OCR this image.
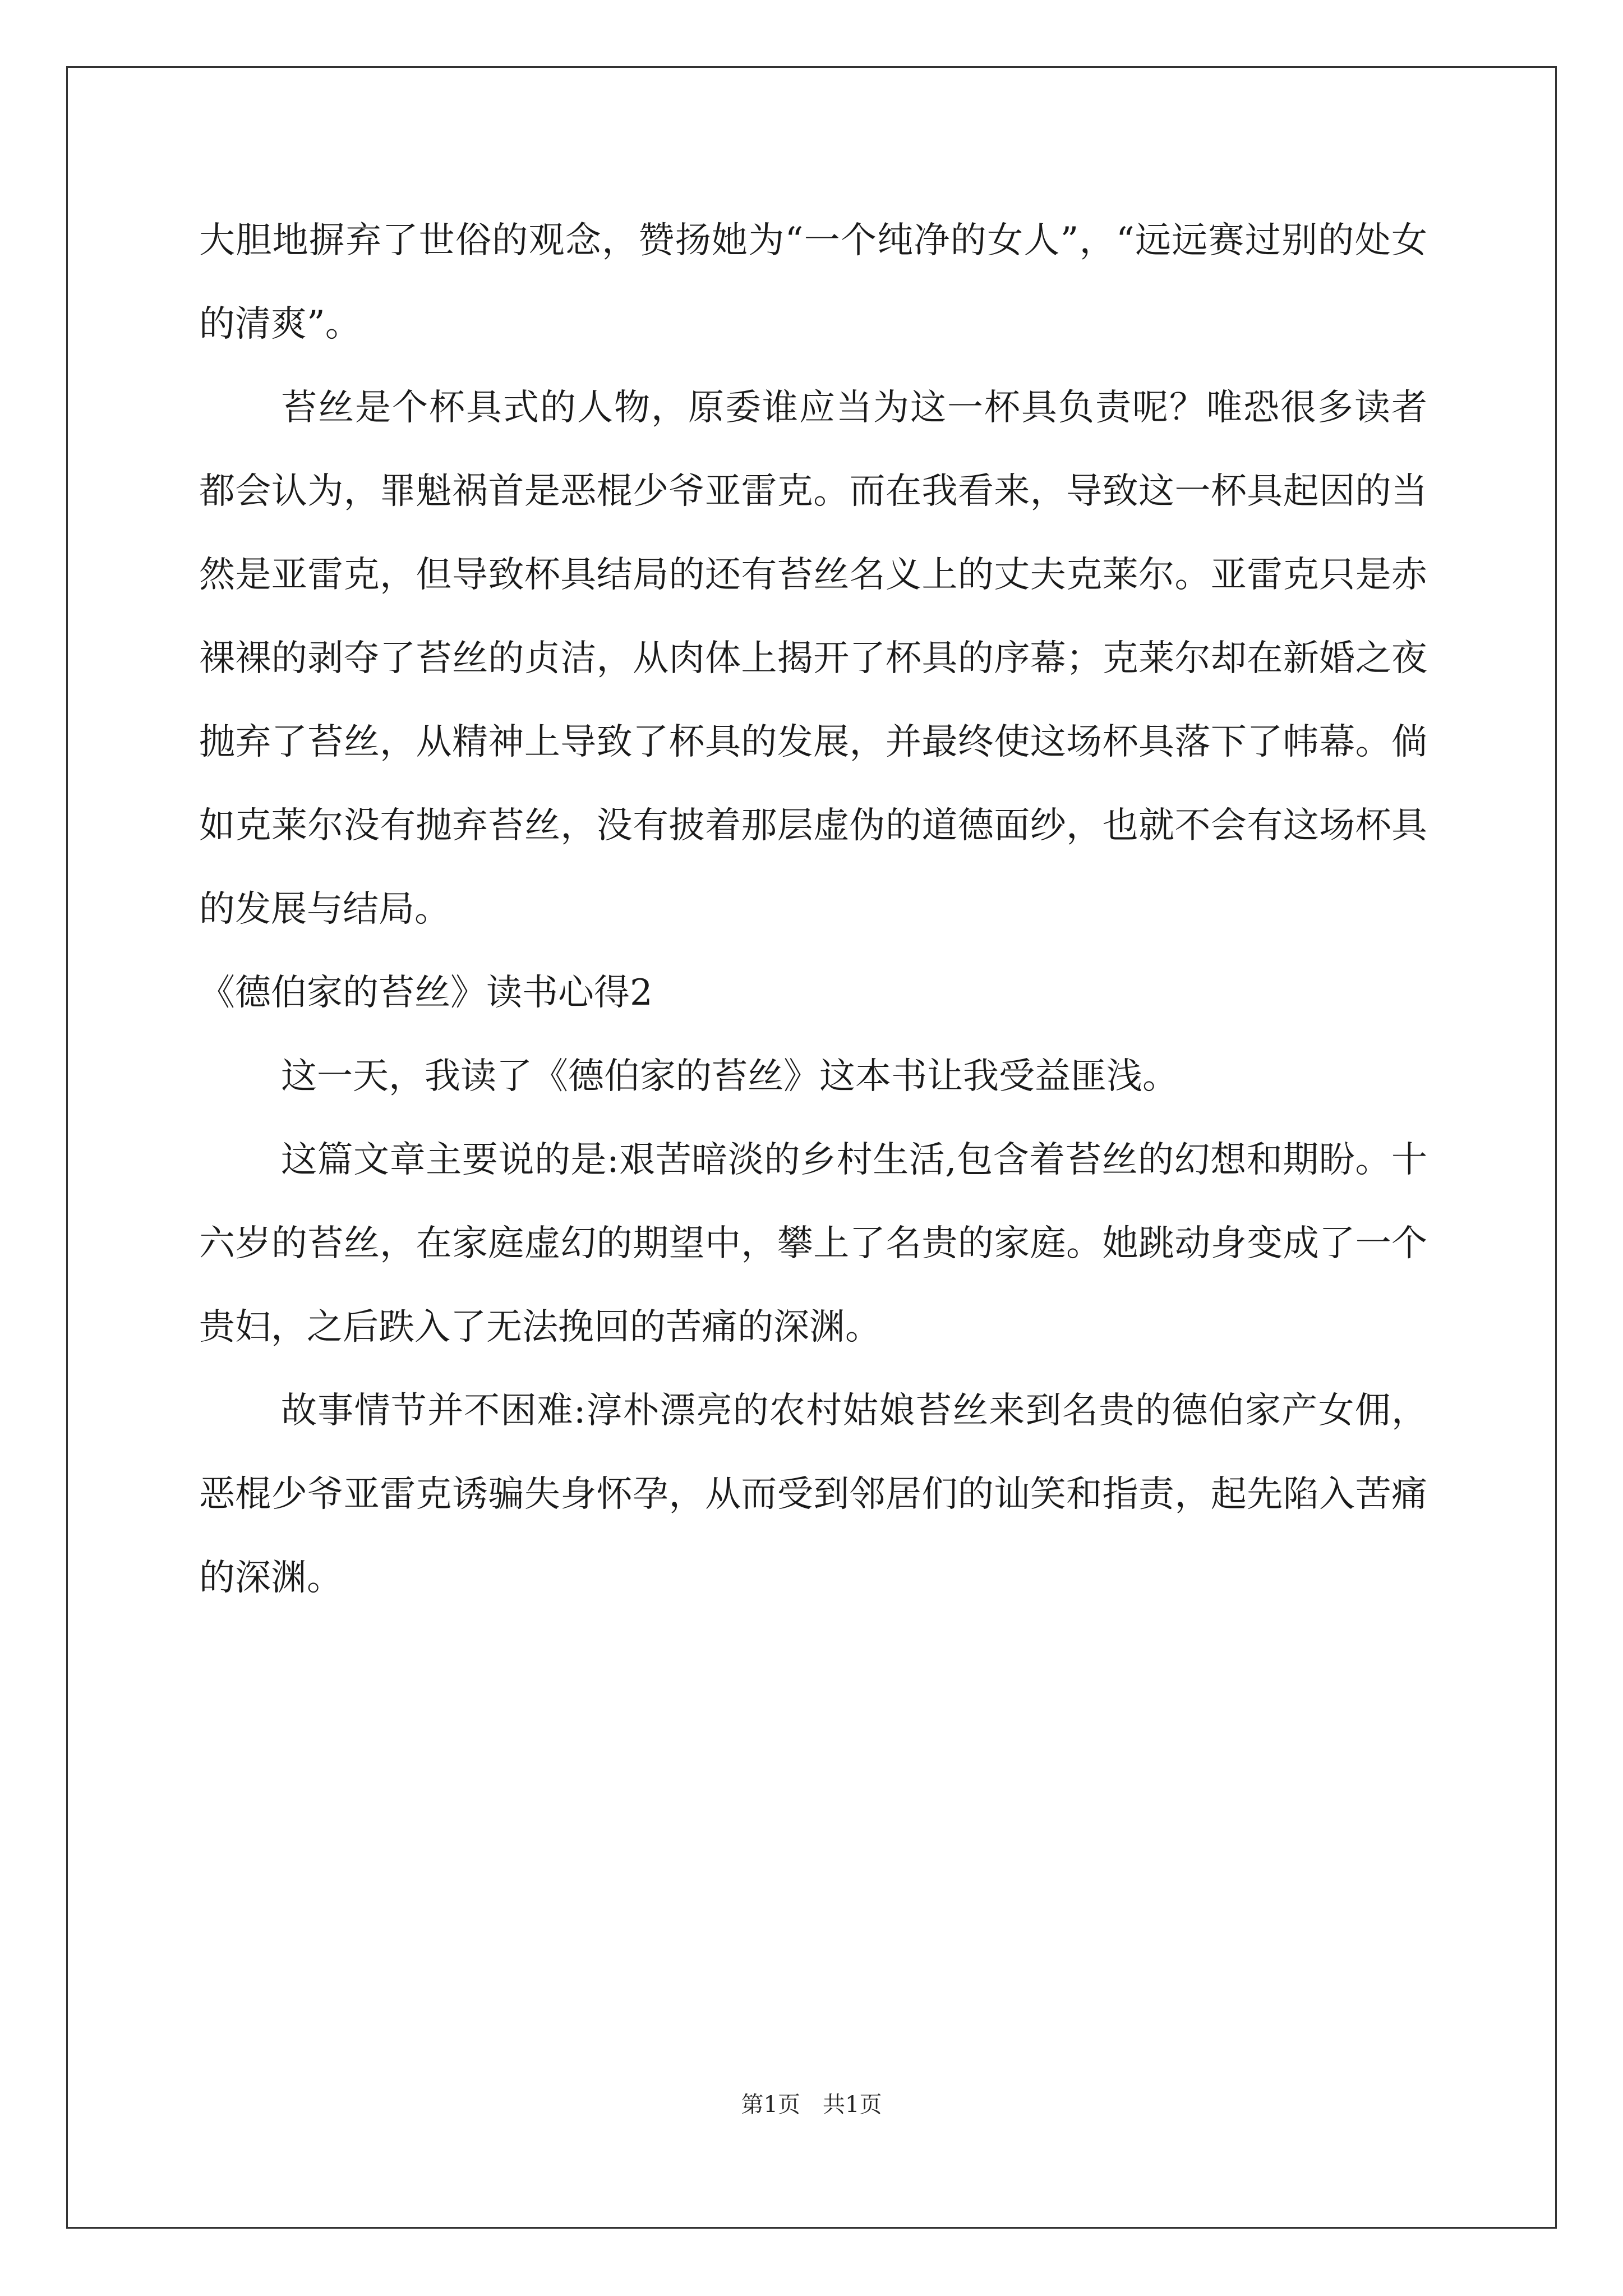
大胆地摒弃了世俗的观念，赞扬她为“一个纯净的女人”，“远远赛过别的处女的清爽”。

苔丝是个杯具式的人物，原委谁应当为这一杯具负责呢？唯恐很多读者都会认为，罪魁祸首是恶棍少爷亚雷克。而在我看来，导致这一杯具起因的当然是亚雷克，但导致杯具结局的还有苔丝名义上的丈夫克莱尔。亚雷克只是赤裸裸的剥夺了苔丝的贞洁，从肉体上揭开了杯具的序幕；克莱尔却在新婚之夜抛弃了苔丝，从精神上导致了杯具的发展，并最终使这场杯具落下了帏幕。倘如克莱尔没有抛弃苔丝，没有披着那层虚伪的道德面纱，也就不会有这场杯具的发展与结局。

《德伯家的苔丝》读书心得2

这一天，我读了《德伯家的苔丝》这本书让我受益匪浅。

这篇文章主要说的是:艰苦暗淡的乡村生活,包含着苔丝的幻想和期盼。十六岁的苔丝，在家庭虚幻的期望中，攀上了名贵的家庭。她跳动身变成了一个贵妇，之后跌入了无法挽回的苦痛的深渊。

故事情节并不困难:淳朴漂亮的农村姑娘苔丝来到名贵的德伯家产女佣，恶棍少爷亚雷克诱骗失身怀孕，从而受到邻居们的讪笑和指责，起先陷入苦痛的深渊。

第1页　共1页
